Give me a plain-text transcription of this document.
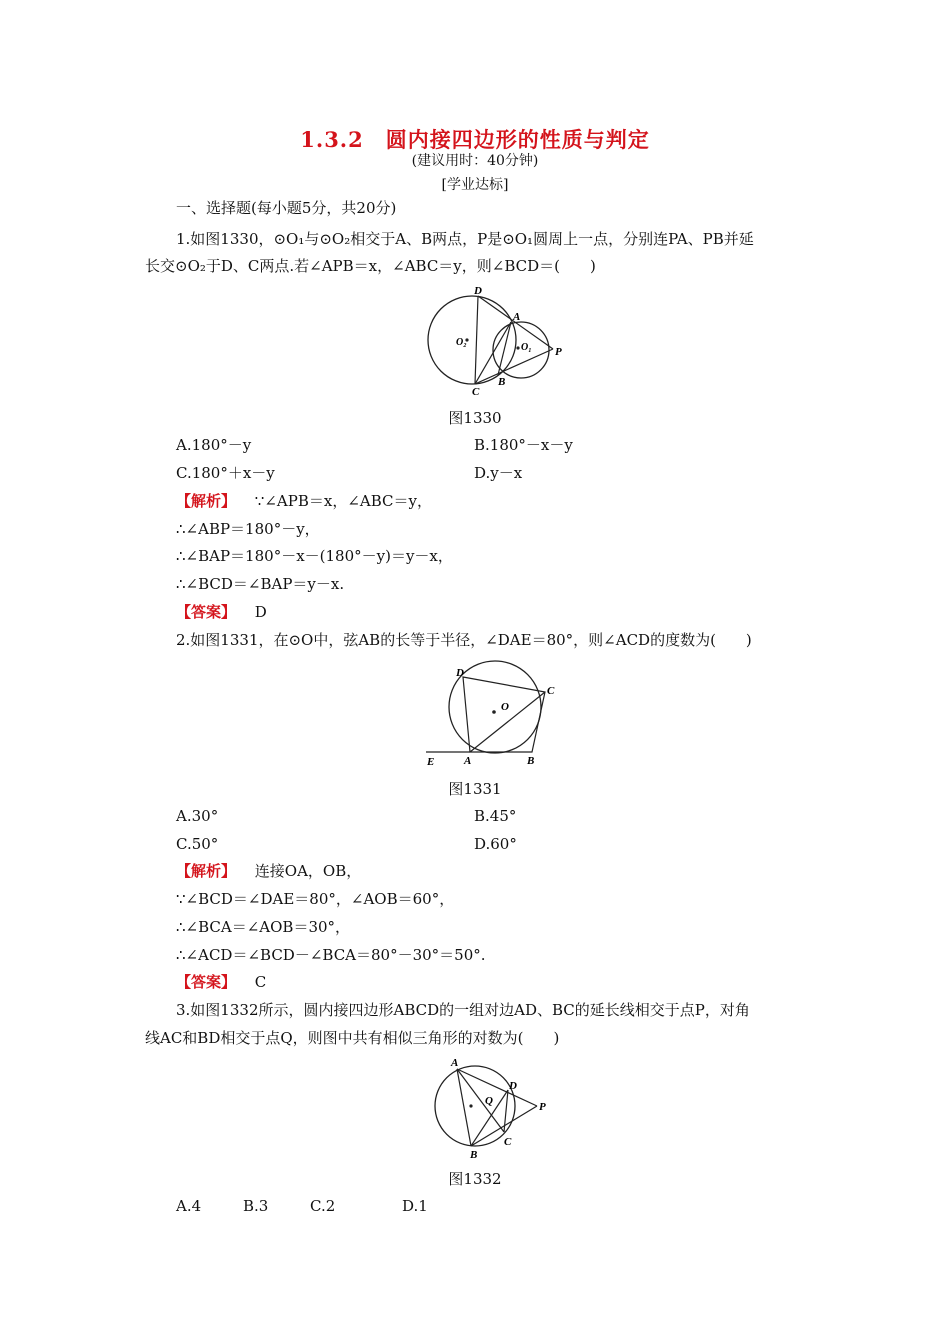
1.3.2　圆内接四边形的性质与判定
(建议用时：40分钟)
[学业达标]
一、选择题(每小题5分，共20分)
1.如图1330，⊙O₁与⊙O₂相交于A、B两点，P是⊙O₁圆周上一点，分别连PA、PB并延
长交⊙O₂于D、C两点.若∠APB＝x，∠ABC＝y，则∠BCD＝(　　)
D
A
O₂	O₁ P
C
B
图1330
A.180°－y	B.180°－x－y
C.180°＋x－y	D.y－x
【解析】 ∵∠APB＝x，∠ABC＝y，
∴∠ABP＝180°－y，
∴∠BAP＝180°－x－(180°－y)＝y－x，
∴∠BCD＝∠BAP＝y－x.
【答案】 D
2.如图1331，在⊙O中，弦AB的长等于半径，∠DAE＝80°，则∠ACD的度数为(　　)
D
C
O
E	A	B
图1331
A.30°	B.45°
C.50°	D.60°
【解析】 连接OA，OB，
∵∠BCD＝∠DAE＝80°，∠AOB＝60°，
∴∠BCA＝∠AOB＝30°，
∴∠ACD＝∠BCD－∠BCA＝80°－30°＝50°.
【答案】 C
3.如图1332所示，圆内接四边形ABCD的一组对边AD、BC的延长线相交于点P，对角
线AC和BD相交于点Q，则图中共有相似三角形的对数为(　　)
A
D
Q	P
C
B
图1332
A.4	B.3	C.2	D.1
